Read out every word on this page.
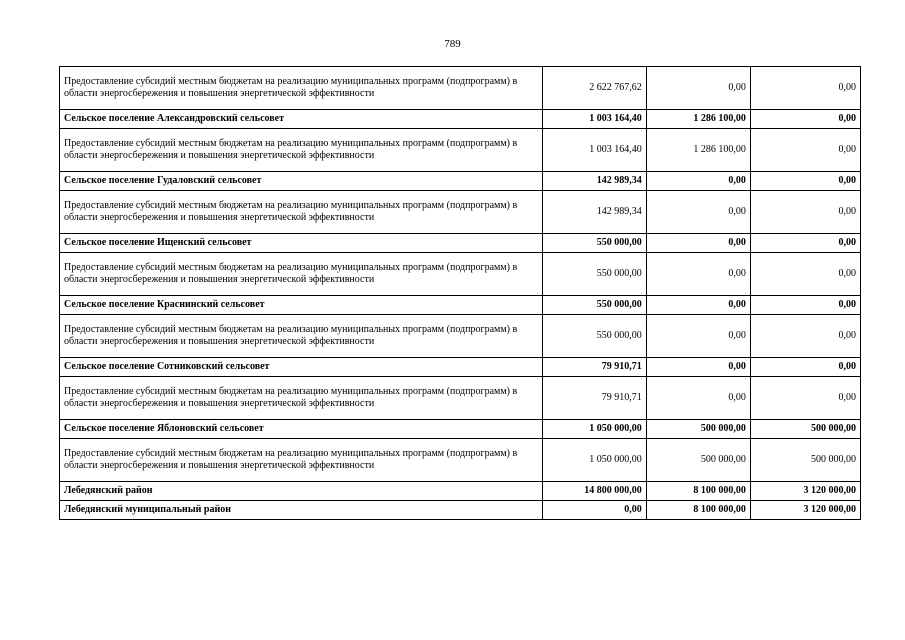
789
Предоставление субсидий местным бюджетам на реализацию муниципальных программ (подпрограмм) в области энергосбережения и повышения энергетической эффективности	2 622 767,62	0,00	0,00
Сельское поселение Александровский сельсовет	1 003 164,40	1 286 100,00	0,00
Предоставление субсидий местным бюджетам на реализацию муниципальных программ (подпрограмм) в области энергосбережения и повышения энергетической эффективности	1 003 164,40	1 286 100,00	0,00
Сельское поселение Гудаловский сельсовет	142 989,34	0,00	0,00
Предоставление субсидий местным бюджетам на реализацию муниципальных программ (подпрограмм) в области энергосбережения и повышения энергетической эффективности	142 989,34	0,00	0,00
Сельское поселение Ищенский сельсовет	550 000,00	0,00	0,00
Предоставление субсидий местным бюджетам на реализацию муниципальных программ (подпрограмм) в области энергосбережения и повышения энергетической эффективности	550 000,00	0,00	0,00
Сельское поселение Краснинский сельсовет	550 000,00	0,00	0,00
Предоставление субсидий местным бюджетам на реализацию муниципальных программ (подпрограмм) в области энергосбережения и повышения энергетической эффективности	550 000,00	0,00	0,00
Сельское поселение Сотниковский сельсовет	79 910,71	0,00	0,00
Предоставление субсидий местным бюджетам на реализацию муниципальных программ (подпрограмм) в области энергосбережения и повышения энергетической эффективности	79 910,71	0,00	0,00
Сельское поселение Яблоновский сельсовет	1 050 000,00	500 000,00	500 000,00
Предоставление субсидий местным бюджетам на реализацию муниципальных программ (подпрограмм) в области энергосбережения и повышения энергетической эффективности	1 050 000,00	500 000,00	500 000,00
Лебедянский район	14 800 000,00	8 100 000,00	3 120 000,00
Лебедянский муниципальный район	0,00	8 100 000,00	3 120 000,00
